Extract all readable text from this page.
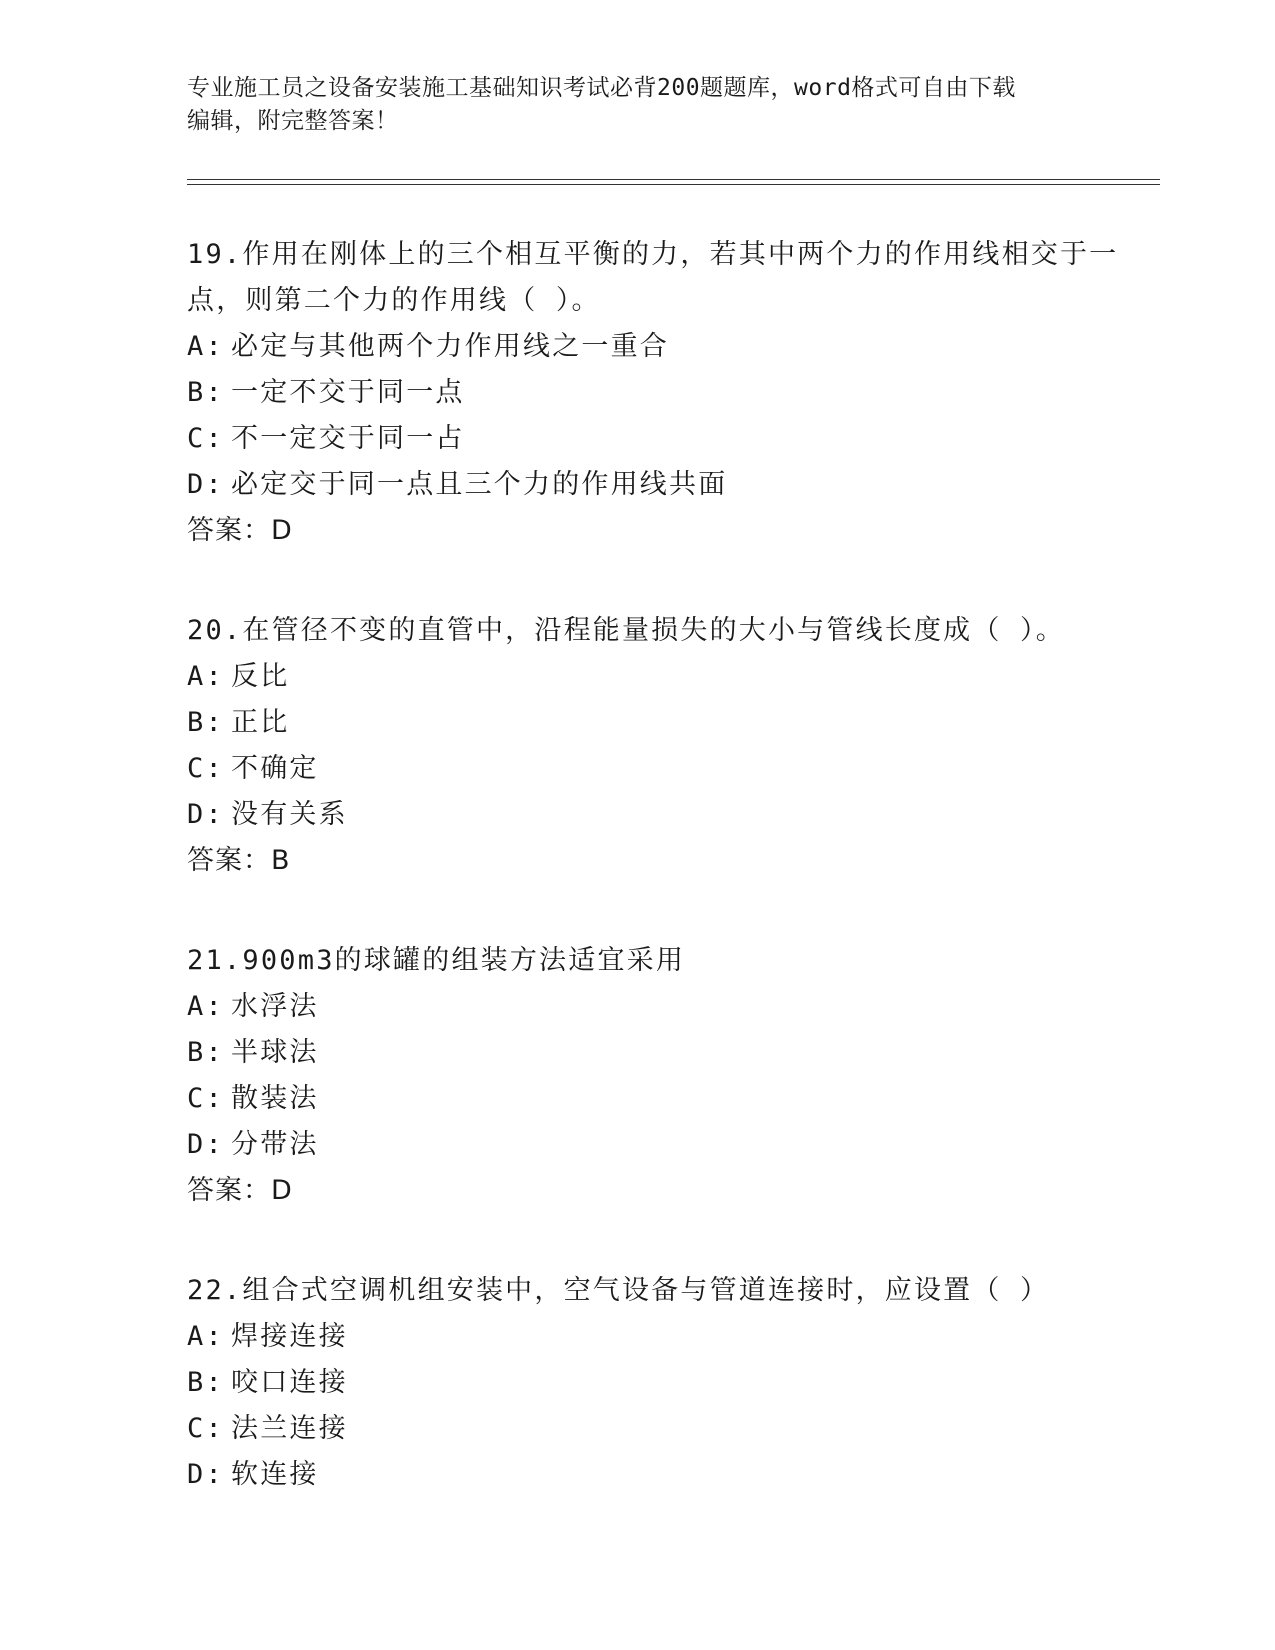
专业施工员之设备安装施工基础知识考试必背200题题库，word格式可自由下载
编辑，附完整答案！

19.作用在刚体上的三个相互平衡的力，若其中两个力的作用线相交于一点，则第二个力的作用线（ ）。

A: 必定与其他两个力作用线之一重合

B: 一定不交于同一点

C: 不一定交于同一占

D: 必定交于同一点且三个力的作用线共面

答案：D

20.在管径不变的直管中，沿程能量损失的大小与管线长度成（ ）。

A: 反比

B: 正比

C: 不确定

D: 没有关系

答案：B

21.900m3的球罐的组装方法适宜采用

A: 水浮法

B: 半球法

C: 散装法

D: 分带法

答案：D

22.组合式空调机组安装中，空气设备与管道连接时，应设置（ ）

A: 焊接连接

B: 咬口连接

C: 法兰连接

D: 软连接
